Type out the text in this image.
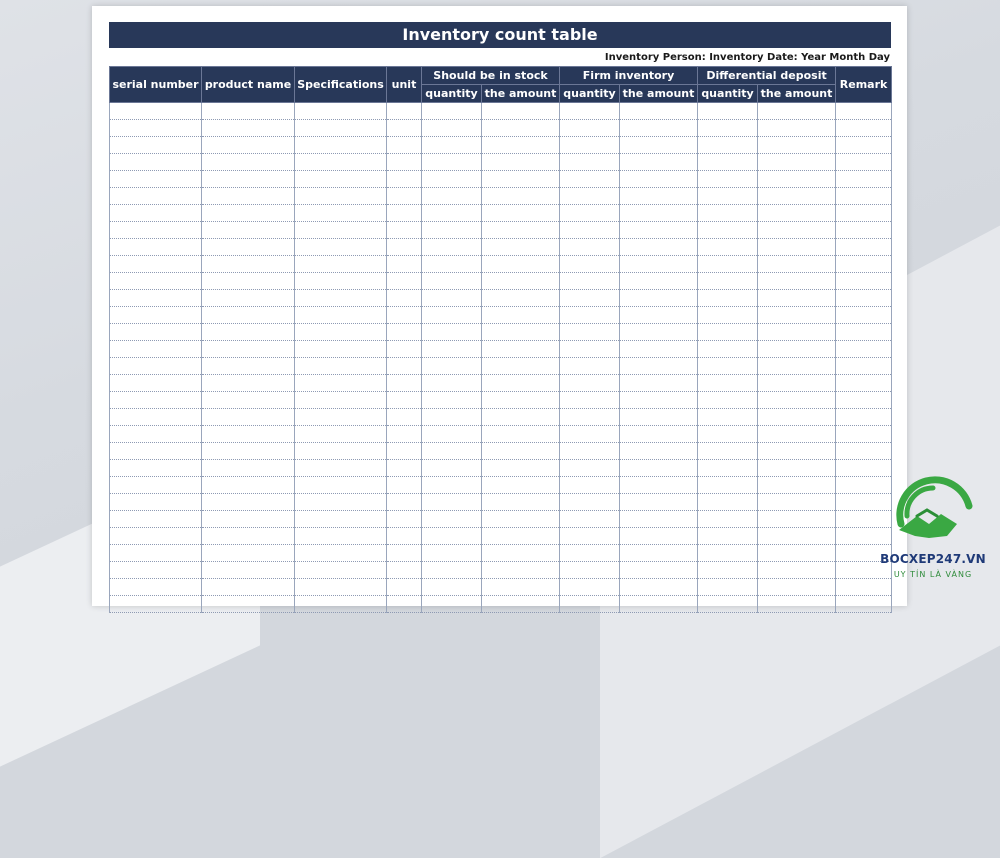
Inventory count table
Inventory Person: Inventory Date: Year Month Day
serial number	product name	Specifications	unit	Should be in stock		Firm inventory		Differential deposit		Remark
				quantity	the amount	quantity	the amount	quantity	the amount	

BOCXEP247.VN
UY TÍN LÀ VÀNG
